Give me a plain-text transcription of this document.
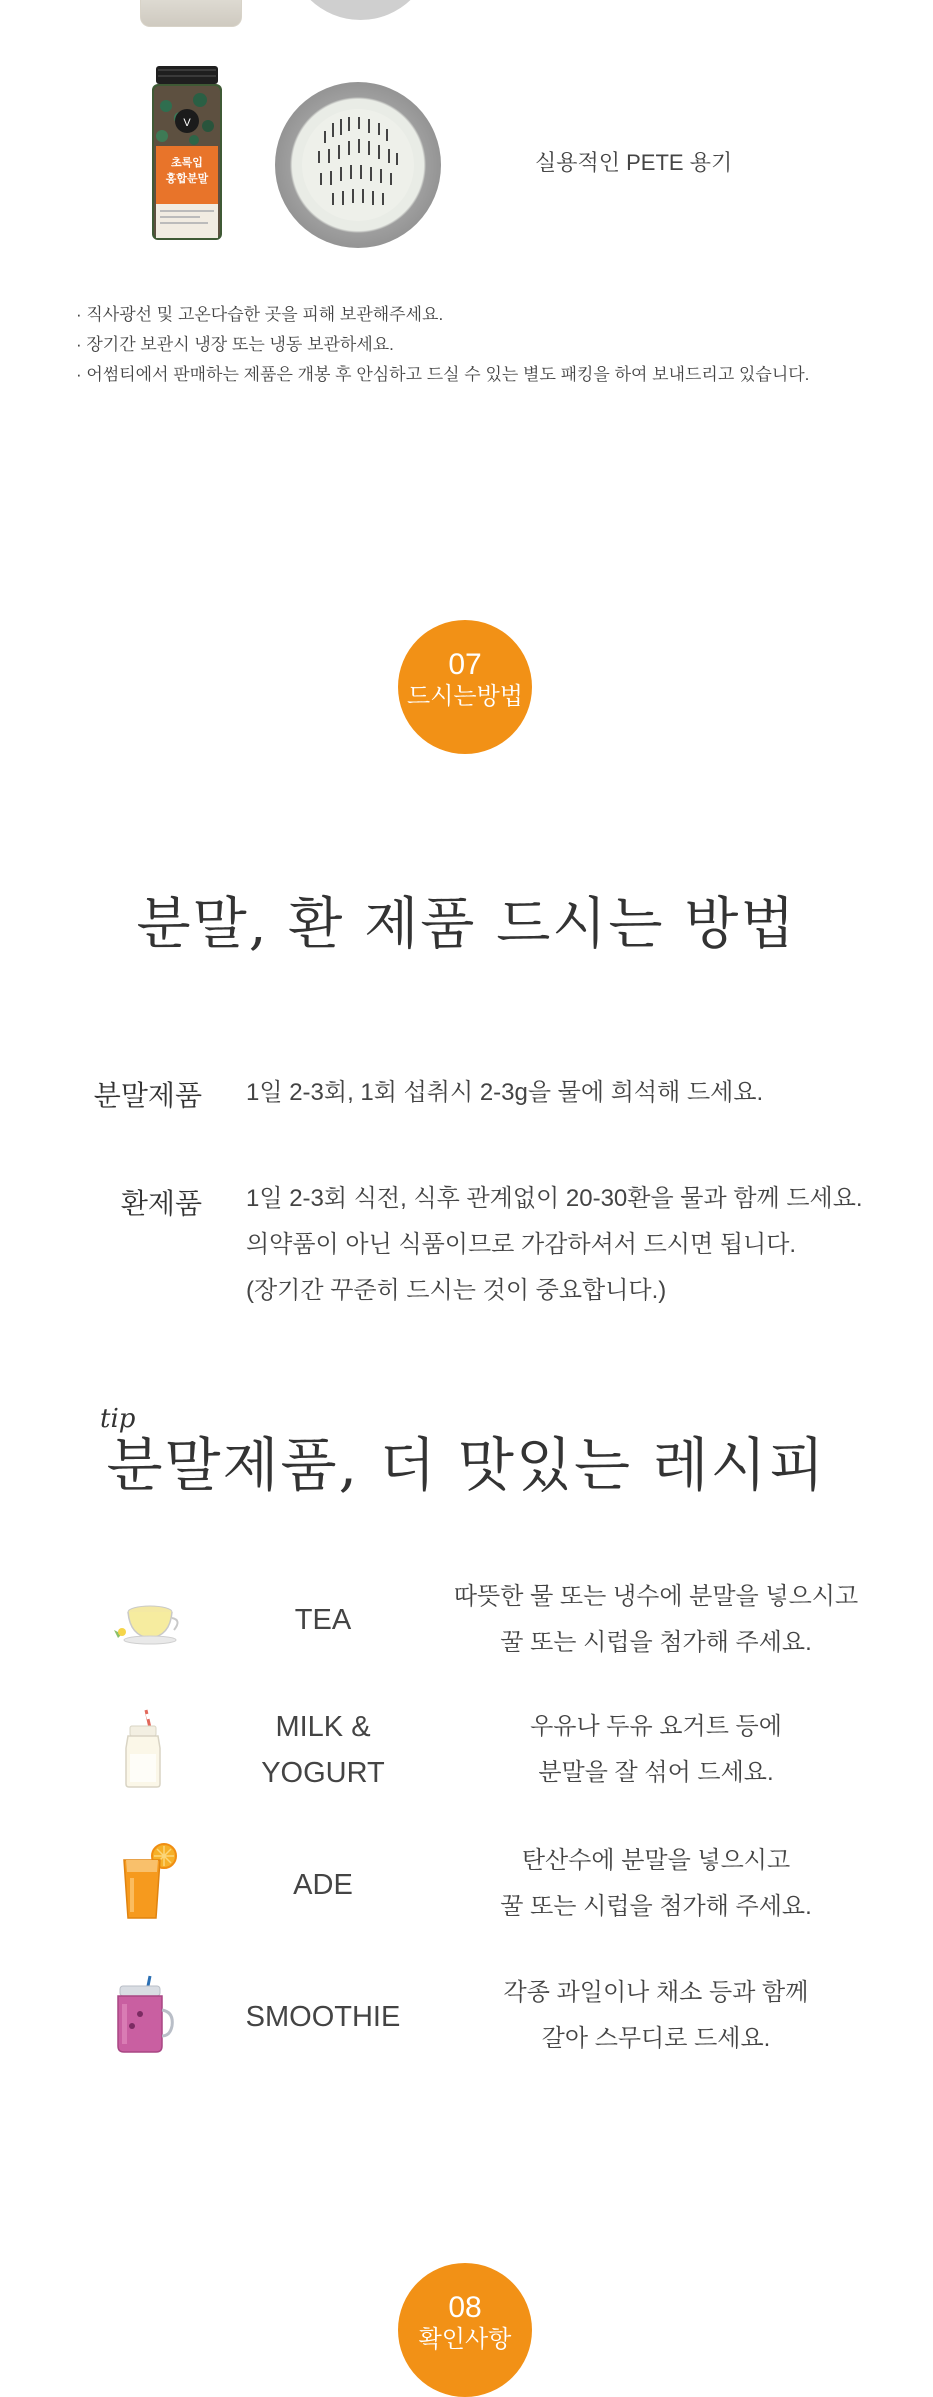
V
초록입
홍합분말
실용적인 PETE 용기
· 직사광선 및 고온다습한 곳을 피해 보관해주세요.
· 장기간 보관시 냉장 또는 냉동 보관하세요.
· 어썸티에서 판매하는 제품은 개봉 후 안심하고 드실 수 있는 별도 패킹을 하여 보내드리고 있습니다.
07
드시는방법
분말, 환 제품 드시는 방법
분말제품 1일 2-3회, 1회 섭취시 2-3g을 물에 희석해 드세요.
환제품 1일 2-3회 식전, 식후 관계없이 20-30환을 물과 함께 드세요.
의약품이 아닌 식품이므로 가감하셔서 드시면 됩니다.
(장기간 꾸준히 드시는 것이 중요합니다.)
tip
분말제품, 더 맛있는 레시피
TEA
따뜻한 물 또는 냉수에 분말을 넣으시고
꿀 또는 시럽을 첨가해 주세요.
MILK &
YOGURT
우유나 두유 요거트 등에
분말을 잘 섞어 드세요.
ADE
탄산수에 분말을 넣으시고
꿀 또는 시럽을 첨가해 주세요.
SMOOTHIE
각종 과일이나 채소 등과 함께
갈아 스무디로 드세요.
08
확인사항
